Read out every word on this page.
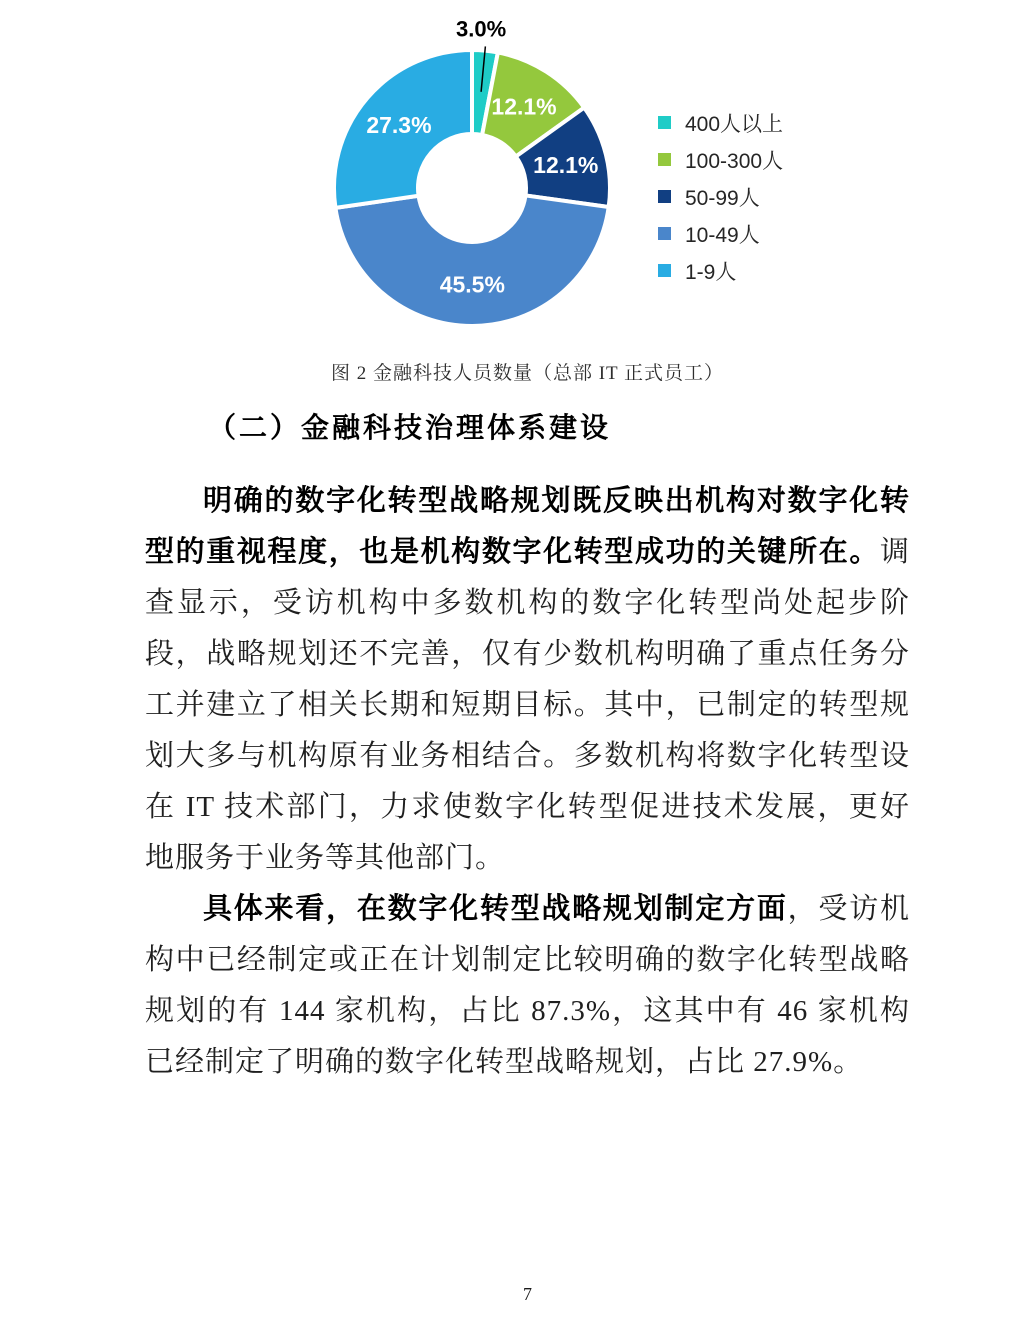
3.0%
12.1%
12.1%
45.5%
27.3%	400人以上
100-300人
50-99人
10-49人
1-9人
图 2 金融科技人员数量（总部 IT 正式员工）
（二）金融科技治理体系建设

明确的数字化转型战略规划既反映出机构对数字化转型的重视程度，也是机构数字化转型成功的关键所在。调查显示，受访机构中多数机构的数字化转型尚处起步阶段，战略规划还不完善，仅有少数机构明确了重点任务分工并建立了相关长期和短期目标。其中，已制定的转型规划大多与机构原有业务相结合。多数机构将数字化转型设在 IT 技术部门，力求使数字化转型促进技术发展，更好地服务于业务等其他部门。

具体来看，在数字化转型战略规划制定方面，受访机构中已经制定或正在计划制定比较明确的数字化转型战略规划的有 144 家机构，占比 87.3%，这其中有 46 家机构已经制定了明确的数字化转型战略规划，占比 27.9%。

7
